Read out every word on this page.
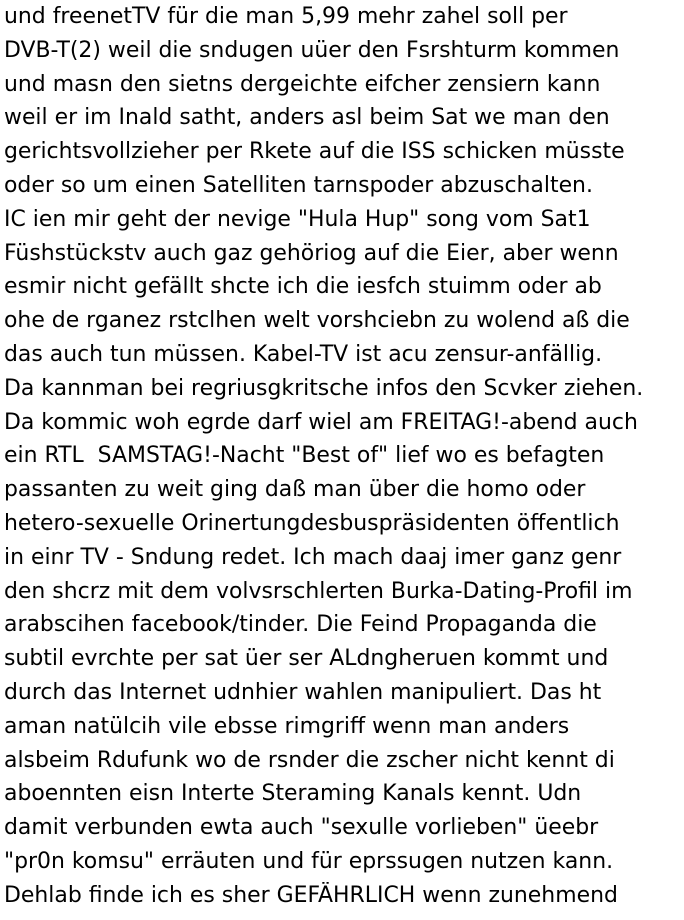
und freenetTV für die man 5,99 mehr zahel soll per

DVB-T(2) weil die sndugen uüer den Fsrshturm kommen

und masn den sietns dergeichte eifcher zensiern kann

weil er im Inald satht, anders asl beim Sat we man den

gerichtsvollzieher per Rkete auf die ISS schicken müsste

oder so um einen Satelliten tarnspoder abzuschalten.

IC ien mir geht der nevige "Hula Hup" song vom Sat1

Füshstückstv auch gaz gehöriog auf die Eier, aber wenn

esmir nicht gefällt shcte ich die iesfch stuimm oder ab

ohe de rganez rstclhen welt vorshciebn zu wolend aß die

das auch tun müssen. Kabel-TV ist acu zensur-anfällig.

Da kannman bei regriusgkritsche infos den Scvker ziehen.

Da kommic woh egrde darf wiel am FREITAG!-abend auch

ein RTL  SAMSTAG!-Nacht "Best of" lief wo es befagten

passanten zu weit ging daß man über die homo oder

hetero-sexuelle Orinertungdesbuspräsidenten öffentlich

in einr TV - Sndung redet. Ich mach daaj imer ganz genr

den shcrz mit dem volvsrschlerten Burka-Dating-Profil im

arabscihen facebook/tinder. Die Feind Propaganda die

subtil evrchte per sat üer ser ALdngheruen kommt und

durch das Internet udnhier wahlen manipuliert. Das ht

aman natülcih vile ebsse rimgriff wenn man anders

alsbeim Rdufunk wo de rsnder die zscher nicht kennt di

aboennten eisn Interte Steraming Kanals kennt. Udn

damit verbunden ewta auch "sexulle vorlieben" üeebr

"pr0n komsu" erräuten und für eprssugen nutzen kann.

Dehlab finde ich es sher GEFÄHRLICH wenn zunehmend
